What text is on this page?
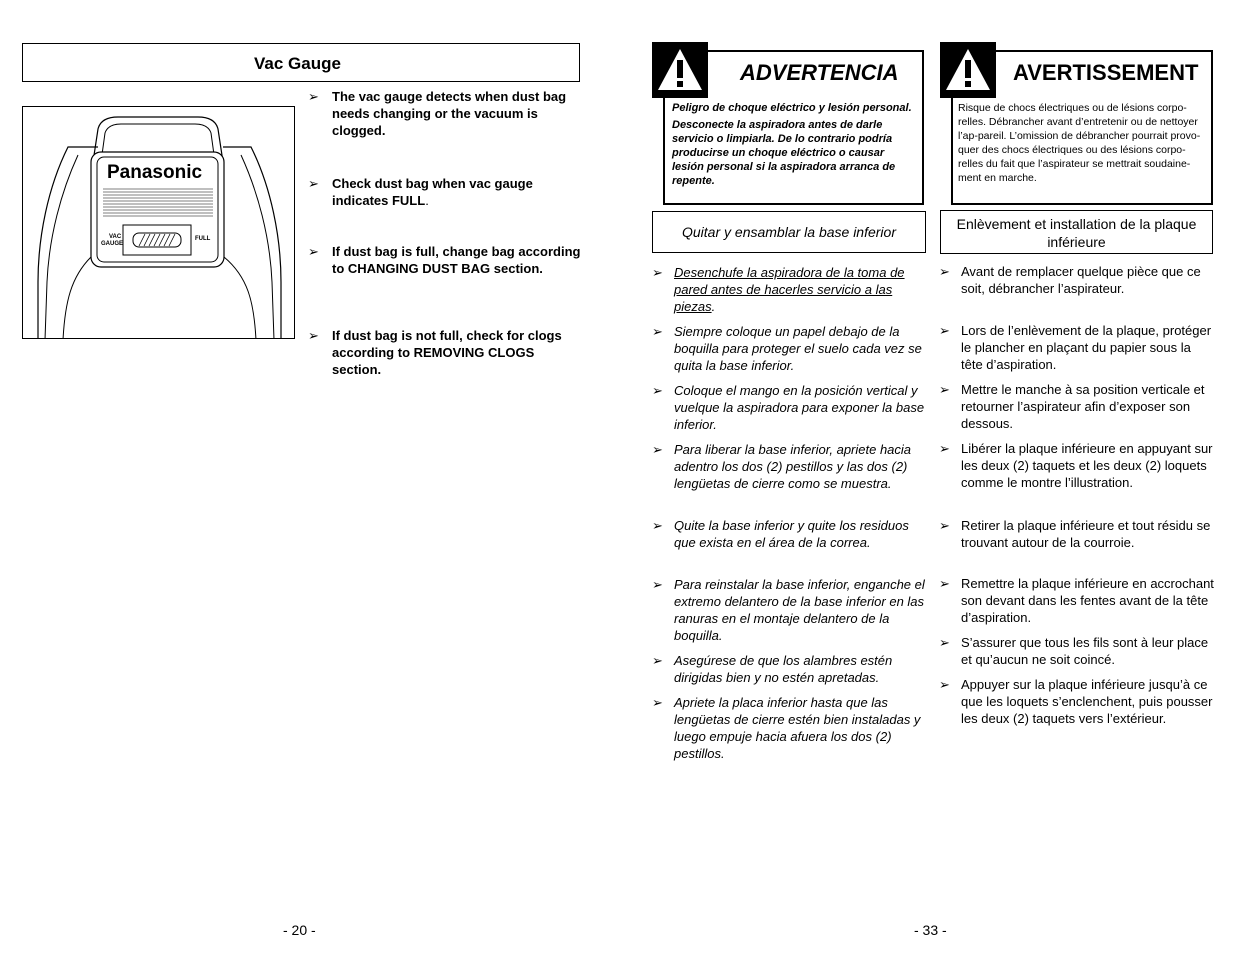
Vac Gauge
Panasonic
VAC
GAUGE
FULL
➢	The vac gauge detects when dust bag needs changing or the vacuum is clogged.
➢	Check dust bag when vac gauge indicates FULL.
➢	If dust bag is full, change bag according to CHANGING DUST BAG section.
➢	If dust bag is not full, check for clogs according to REMOVING CLOGS section.
- 20 -
ADVERTENCIA
Peligro de choque eléctrico y lesión personal.
Desconecte la aspiradora antes de darle servicio o limpiarla. De lo contrario podría producirse un choque eléctrico o causar lesión personal si la aspiradora arranca de repente.
Quitar y ensamblar la base inferior
AVERTISSEMENT
Risque de chocs électriques ou de lésions corpo-relles. Débrancher avant d’entretenir ou de nettoyer l’ap-pareil. L’omission de débrancher pourrait provo-quer des chocs électriques ou des lésions corpo-relles du fait que l’aspirateur se mettrait soudaine-ment en marche.
Enlèvement et installation de la plaque inférieure
➢ Desenchufe la aspiradora de la toma de pared antes de hacerles servicio a las piezas.
➢ Siempre coloque un papel debajo de la boquilla para proteger el suelo cada vez se quita la base inferior.
➢ Coloque el mango en la posición vertical y vuelque la aspiradora para exponer la base inferior.
➢ Para liberar la base inferior, apriete hacia adentro los dos (2) pestillos y las dos (2) lengüetas de cierre como se muestra.
➢ Quite la base inferior y quite los residuos que exista en el área de la correa.
➢ Para reinstalar la base inferior, enganche el extremo delantero de la base inferior en las ranuras en el montaje delantero de la boquilla.
➢ Asegúrese de que los alambres estén dirigidas bien y no estén apretadas.
➢ Apriete la placa inferior hasta que las lengüetas de cierre estén bien instaladas y luego empuje hacia afuera los dos (2) pestillos.
➢ Avant de remplacer quelque pièce que ce soit, débrancher l’aspirateur.
➢ Lors de l’enlèvement de la plaque, protéger le plancher en plaçant du papier sous la tête d’aspiration.
➢ Mettre le manche à sa position verticale et retourner l’aspirateur afin d’exposer son dessous.
➢ Libérer la plaque inférieure en appuyant sur les deux (2) taquets et les deux (2) loquets comme le montre l’illustration.
➢ Retirer la plaque inférieure et tout résidu se trouvant autour de la courroie.
➢ Remettre la plaque inférieure en accrochant son devant dans les fentes avant de la tête d’aspiration.
➢ S’assurer que tous les fils sont à leur place et qu’aucun ne soit coincé.
➢ Appuyer sur la plaque inférieure jusqu’à ce que les loquets s’enclenchent, puis pousser les deux (2) taquets vers l’extérieur.
- 33 -
